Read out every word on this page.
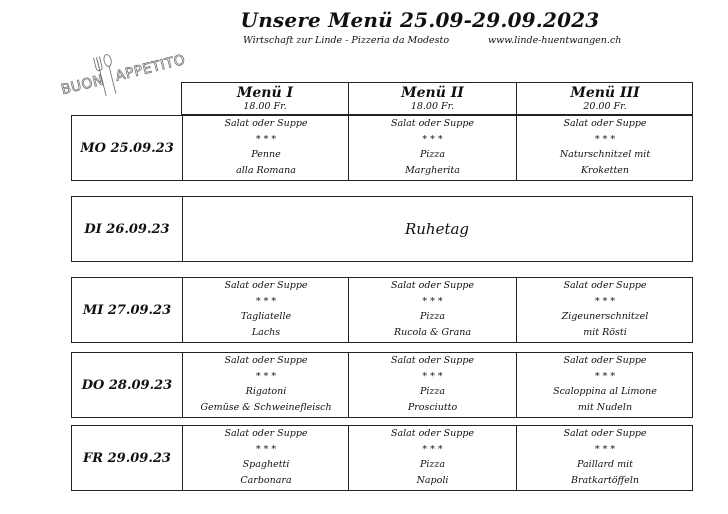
Unsere Menü 25.09-29.09.2023
Wirtschaft zur Linde - Pizzeria da Modesto	www.linde-huentwangen.ch
BUON
APPETITO
Menü I
18.00 Fr.
Menü II
18.00 Fr.
Menü III
20.00 Fr.
MO 25.09.23
Salat oder Suppe
* * *
Penne
alla Romana
Salat oder Suppe
* * *
Pizza
Margherita
Salat oder Suppe
* * *
Naturschnitzel mit
Kroketten
DI 26.09.23	Ruhetag
MI 27.09.23
Salat oder Suppe
* * *
Tagliatelle
Lachs
Salat oder Suppe
* * *
Pizza
Rucola & Grana
Salat oder Suppe
* * *
Zigeunerschnitzel
mit Rösti
DO 28.09.23
Salat oder Suppe
* * *
Rigatoni
Gemüse & Schweinefleisch
Salat oder Suppe
* * *
Pizza
Prosciutto
Salat oder Suppe
* * *
Scaloppina al Limone
mit Nudeln
FR 29.09.23
Salat oder Suppe
* * *
Spaghetti
Carbonara
Salat oder Suppe
* * *
Pizza
Napoli
Salat oder Suppe
* * *
Paillard mit
Bratkartöffeln
